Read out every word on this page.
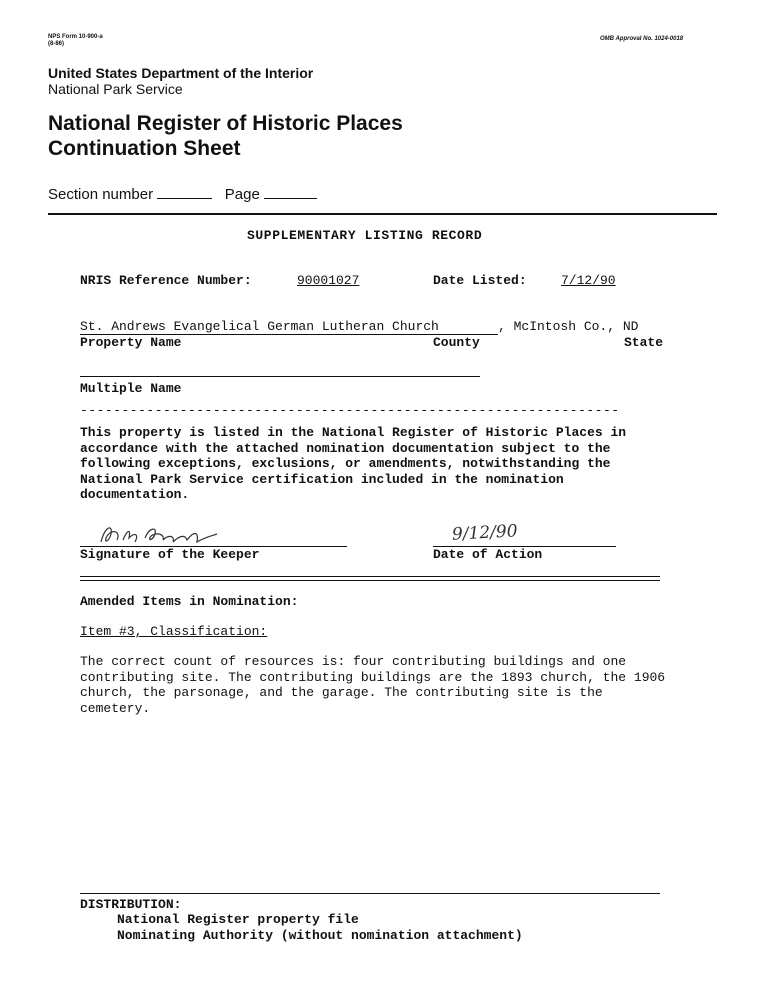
NPS Form 10-900-a
(8-86)
OMB Approval No. 1024-0018
United States Department of the Interior
National Park Service
National Register of Historic Places
Continuation Sheet
Section number	Page
SUPPLEMENTARY LISTING RECORD
NRIS Reference Number:	90001027	Date Listed:	7/12/90
St. Andrews Evangelical German Lutheran Church	, McIntosh Co., ND
Property Name	County	State
Multiple Name
-----------------------------------------------------------------
This property is listed in the National Register of Historic Places in accordance with the attached nomination documentation subject to the following exceptions, exclusions, or amendments, notwithstanding the National Park Service certification included in the nomination documentation.
Signature of the Keeper
9/12/90
Date of Action
Amended Items in Nomination:
Item #3, Classification:
The correct count of resources is: four contributing buildings and one contributing site. The contributing buildings are the 1893 church, the 1906 church, the parsonage, and the garage. The contributing site is the cemetery.
DISTRIBUTION:
National Register property file
Nominating Authority (without nomination attachment)
